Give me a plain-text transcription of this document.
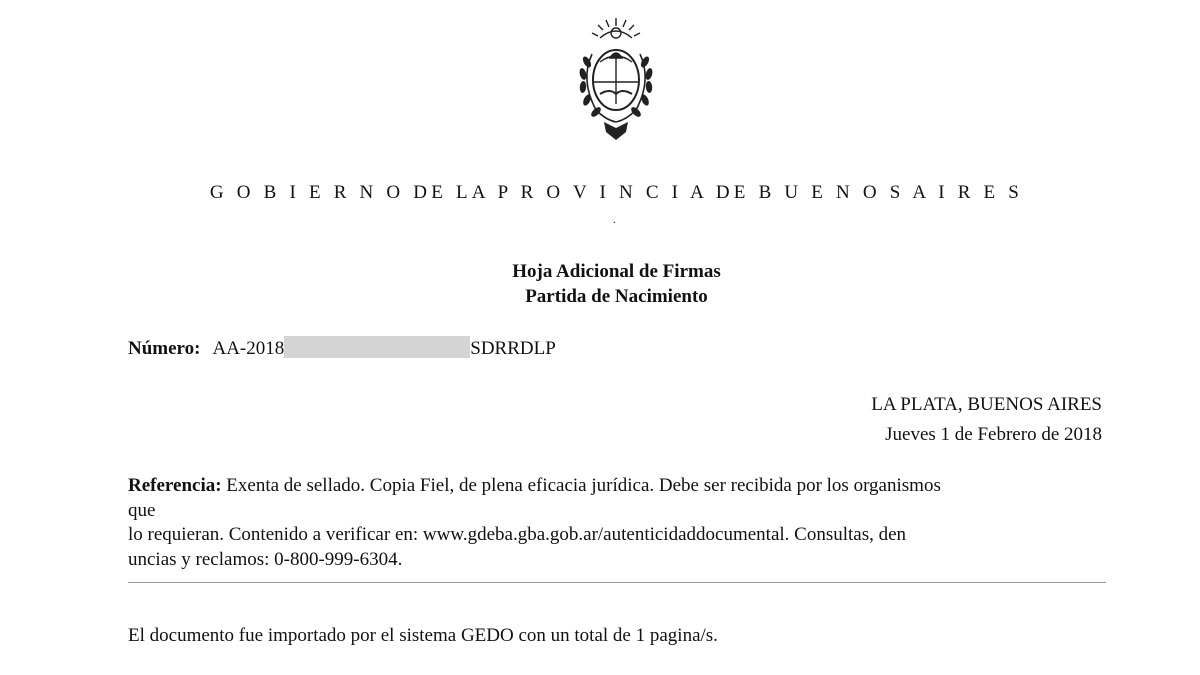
G O B I E R N O DE LA P R O V I N C I A DE B U E N O S A I R E S
.
Hoja Adicional de Firmas
Partida de Nacimiento
Número: AA-2018	SDRRDLP
LA PLATA, BUENOS AIRES
Jueves 1 de Febrero de 2018
Referencia: Exenta de sellado. Copia Fiel, de plena eficacia jurídica. Debe ser recibida por los organismos
que
lo requieran. Contenido a verificar en: www.gdeba.gba.gob.ar/autenticidaddocumental. Consultas, den
uncias y reclamos: 0-800-999-6304.
El documento fue importado por el sistema GEDO con un total de 1 pagina/s.
